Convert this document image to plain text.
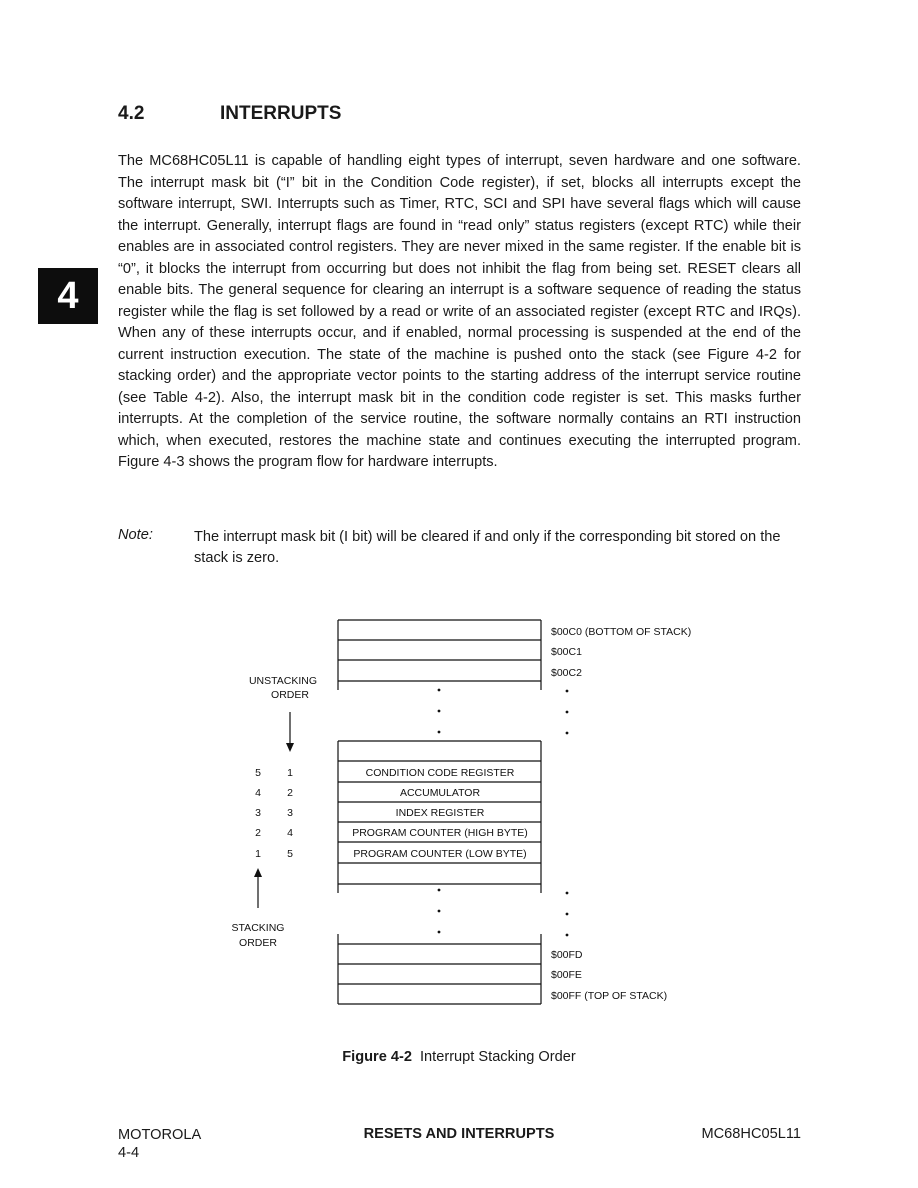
4
4.2	INTERRUPTS
The MC68HC05L11 is capable of handling eight types of interrupt, seven hardware and one software. The interrupt mask bit (“I” bit in the Condition Code register), if set, blocks all interrupts except the software interrupt, SWI. Interrupts such as Timer, RTC, SCI and SPI have several flags which will cause the interrupt. Generally, interrupt flags are found in “read only” status registers (except RTC) while their enables are in associated control registers. They are never mixed in the same register. If the enable bit is “0”, it blocks the interrupt from occurring but does not inhibit the flag from being set. RESET clears all enable bits. The general sequence for clearing an interrupt is a software sequence of reading the status register while the flag is set followed by a read or write of an associated register (except RTC and IRQs). When any of these interrupts occur, and if enabled, normal processing is suspended at the end of the current instruction execution. The state of the machine is pushed onto the stack (see Figure 4-2 for stacking order) and the appropriate vector points to the starting address of the interrupt service routine (see Table 4-2). Also, the interrupt mask bit in the condition code register is set. This masks further interrupts. At the completion of the service routine, the software normally contains an RTI instruction which, when executed, restores the machine state and continues executing the interrupted program. Figure 4-3 shows the program flow for hardware interrupts.
Note:	The interrupt mask bit (I bit) will be cleared if and only if the corresponding bit stored on the stack is zero.
UNSTACKING
ORDER
STACKING
ORDER
$00C0 (BOTTOM OF STACK)
$00C1
$00C2
5 1	CONDITION CODE REGISTER
4 2	ACCUMULATOR
3 3	INDEX REGISTER
2 4	PROGRAM COUNTER (HIGH BYTE)
1 5	PROGRAM COUNTER (LOW BYTE)
$00FD
$00FE
$00FF (TOP OF STACK)
Figure 4-2 Interrupt Stacking Order
MOTOROLA
4-4
RESETS AND INTERRUPTS	MC68HC05L11
